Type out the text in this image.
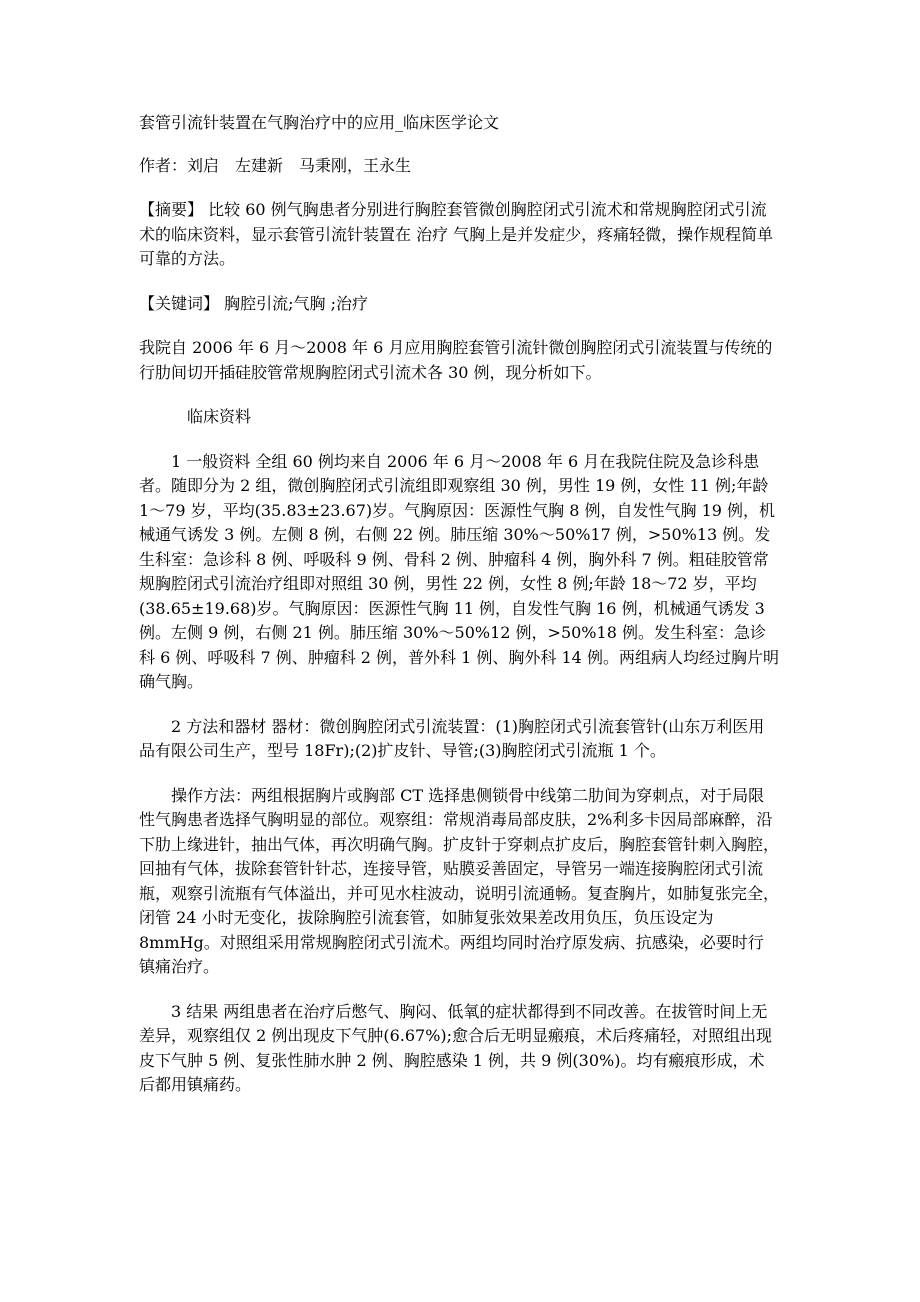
套管引流针装置在气胸治疗中的应用_临床医学论文

作者：刘启　左建新　马秉刚，王永生

【摘要】 比较 60 例气胸患者分别进行胸腔套管微创胸腔闭式引流术和常规胸腔闭式引流术的临床资料，显示套管引流针装置在 治疗 气胸上是并发症少，疼痛轻微，操作规程简单可靠的方法。

【关键词】 胸腔引流;气胸 ;治疗

我院自 2006 年 6 月～2008 年 6 月应用胸腔套管引流针微创胸腔闭式引流装置与传统的行肋间切开插硅胶管常规胸腔闭式引流术各 30 例，现分析如下。

临床资料

1 一般资料 全组 60 例均来自 2006 年 6 月～2008 年 6 月在我院住院及急诊科患者。随即分为 2 组，微创胸腔闭式引流组即观察组 30 例，男性 19 例，女性 11 例;年龄 1～79 岁，平均(35.83±23.67)岁。气胸原因：医源性气胸 8 例，自发性气胸 19 例，机械通气诱发 3 例。左侧 8 例，右侧 22 例。肺压缩 30%～50%17 例，>50%13 例。发生科室：急诊科 8 例、呼吸科 9 例、骨科 2 例、肿瘤科 4 例，胸外科 7 例。粗硅胶管常规胸腔闭式引流治疗组即对照组 30 例，男性 22 例，女性 8 例;年龄 18～72 岁，平均(38.65±19.68)岁。气胸原因：医源性气胸 11 例，自发性气胸 16 例，机械通气诱发 3 例。左侧 9 例，右侧 21 例。肺压缩 30%～50%12 例，>50%18 例。发生科室：急诊科 6 例、呼吸科 7 例、肿瘤科 2 例，普外科 1 例、胸外科 14 例。两组病人均经过胸片明确气胸。

2 方法和器材 器材：微创胸腔闭式引流装置：(1)胸腔闭式引流套管针(山东万利医用品有限公司生产，型号 18Fr);(2)扩皮针、导管;(3)胸腔闭式引流瓶 1 个。

操作方法：两组根据胸片或胸部 CT 选择患侧锁骨中线第二肋间为穿刺点，对于局限性气胸患者选择气胸明显的部位。观察组：常规消毒局部皮肤，2%利多卡因局部麻醉，沿下肋上缘进针，抽出气体，再次明确气胸。扩皮针于穿刺点扩皮后，胸腔套管针刺入胸腔，回抽有气体，拔除套管针针芯，连接导管，贴膜妥善固定，导管另一端连接胸腔闭式引流瓶，观察引流瓶有气体溢出，并可见水柱波动，说明引流通畅。复查胸片，如肺复张完全，闭管 24 小时无变化，拔除胸腔引流套管，如肺复张效果差改用负压，负压设定为 8mmHg。对照组采用常规胸腔闭式引流术。两组均同时治疗原发病、抗感染，必要时行镇痛治疗。

3 结果 两组患者在治疗后憋气、胸闷、低氧的症状都得到不同改善。在拔管时间上无差异，观察组仅 2 例出现皮下气肿(6.67%);愈合后无明显瘢痕，术后疼痛轻，对照组出现皮下气肿 5 例、复张性肺水肿 2 例、胸腔感染 1 例，共 9 例(30%)。均有瘢痕形成，术后都用镇痛药。
